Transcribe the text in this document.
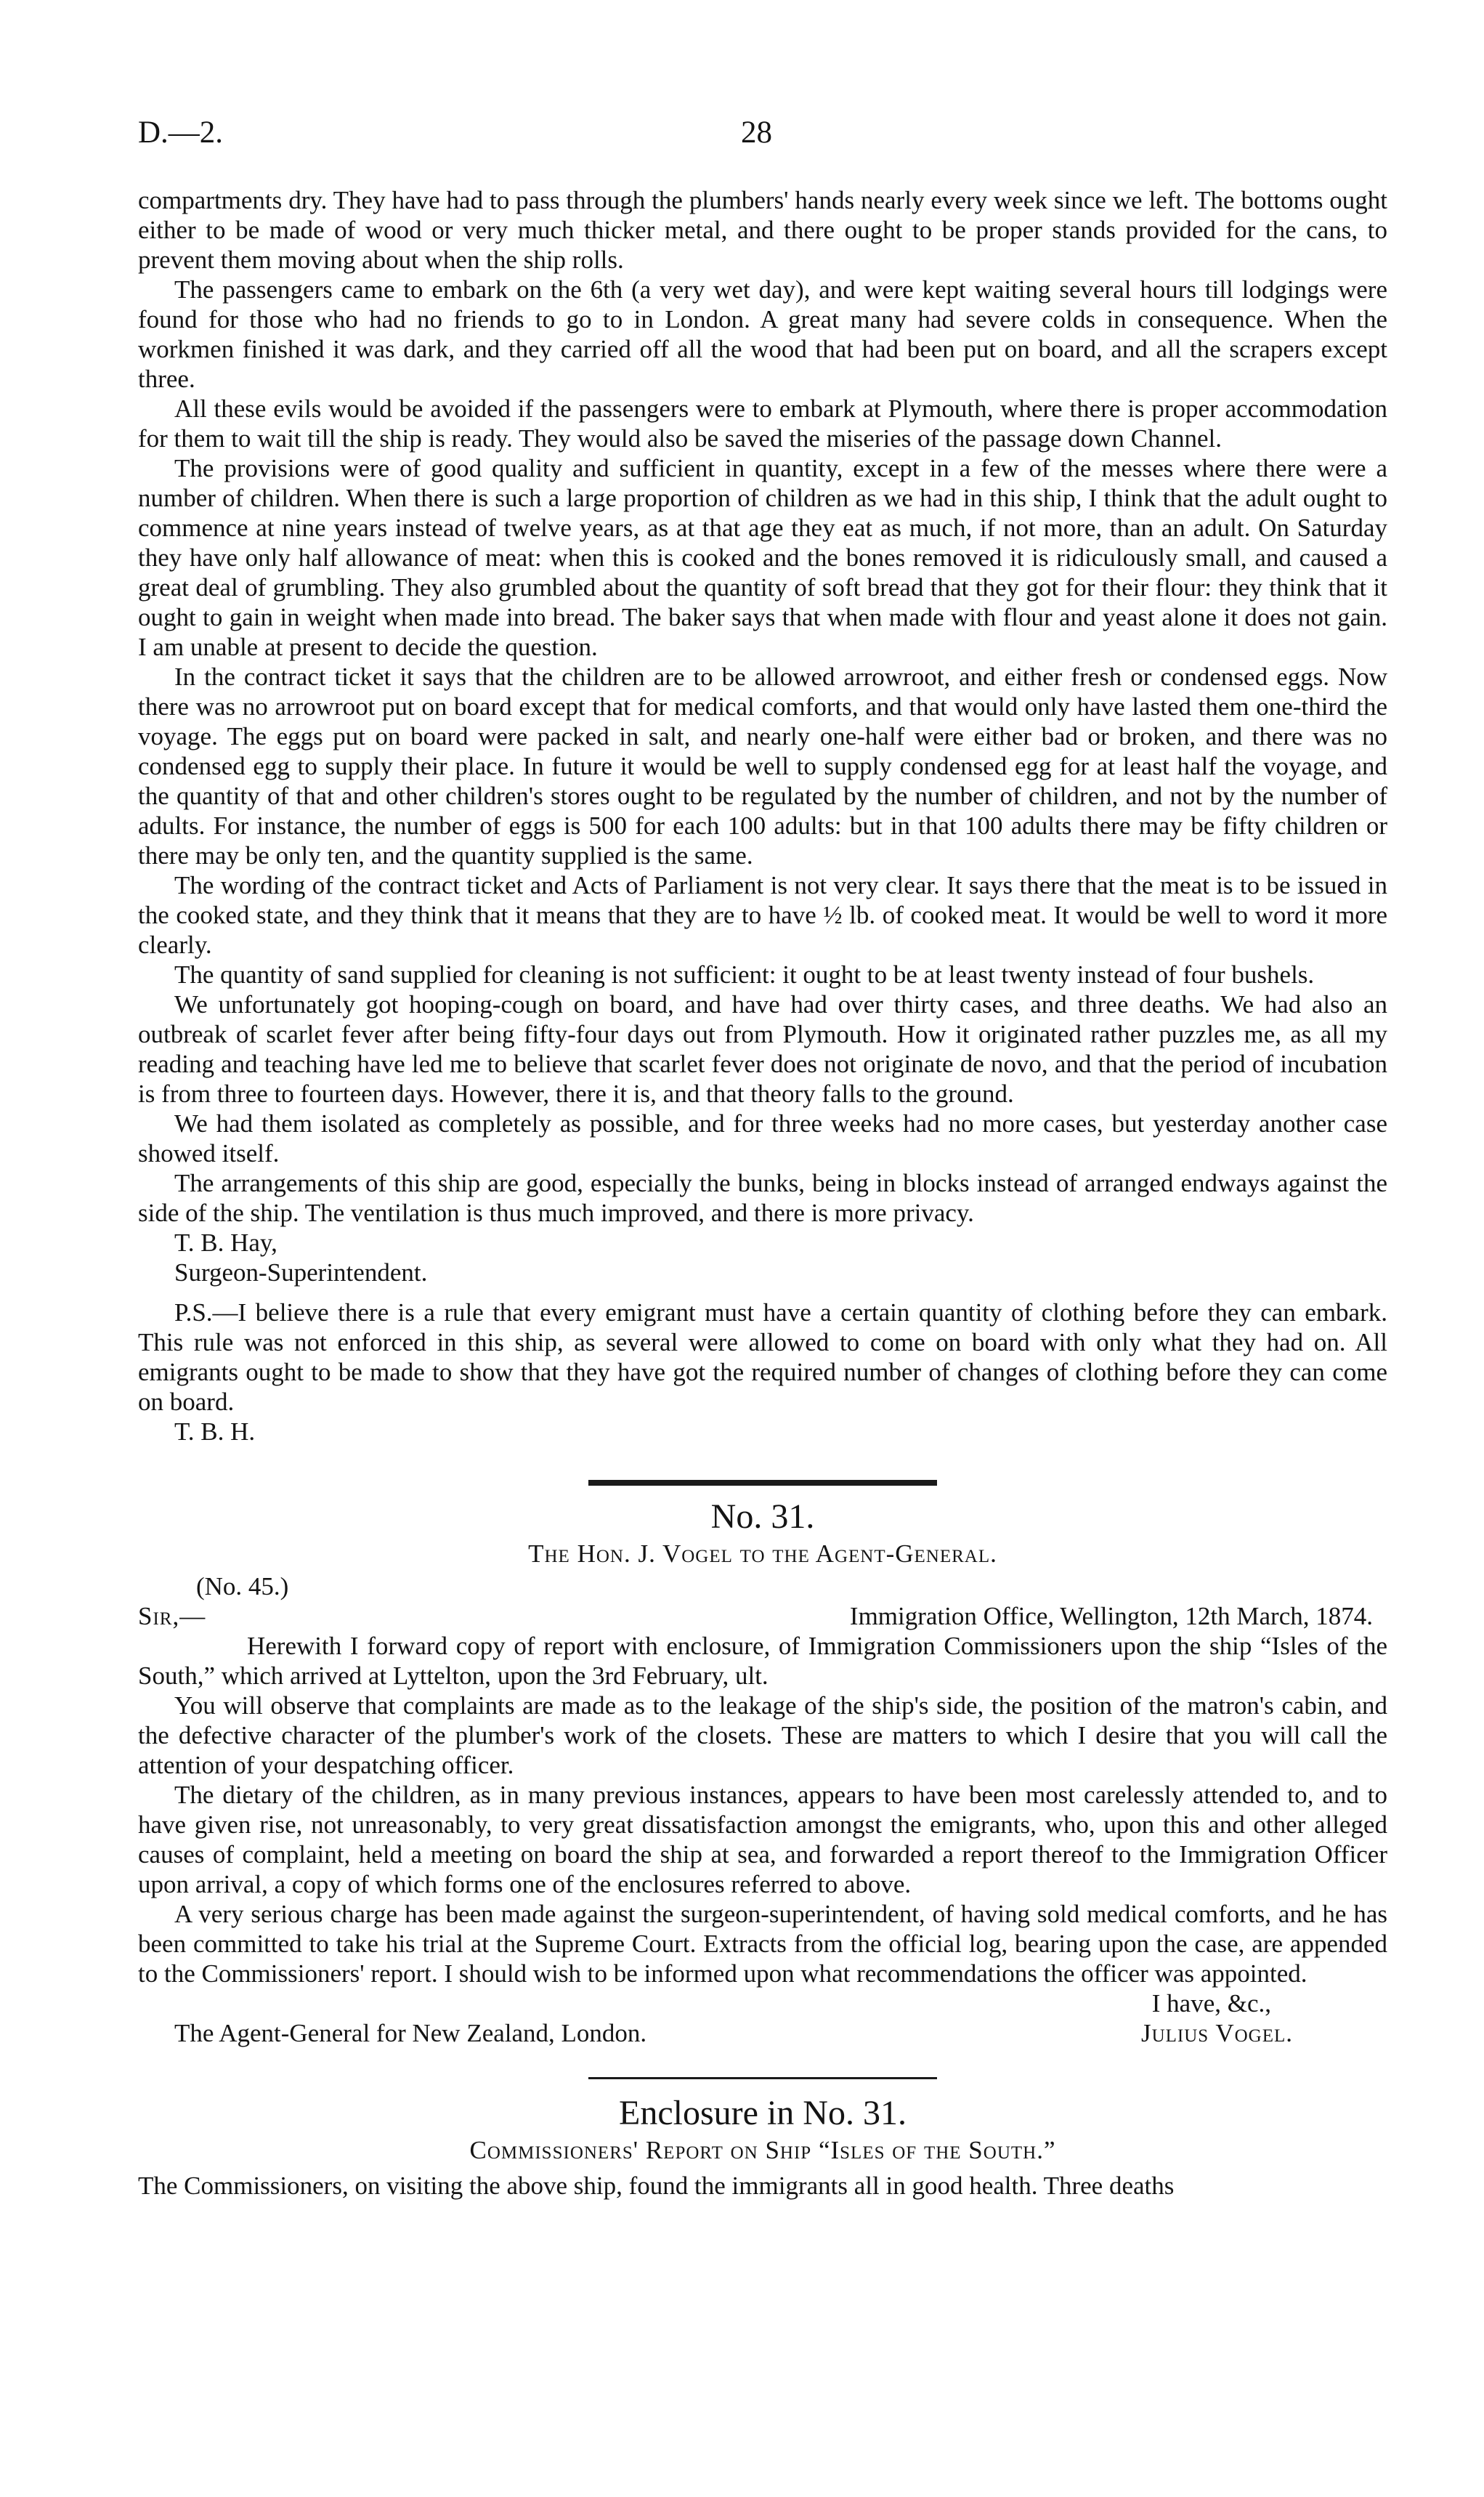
D.—2.	28

compartments dry. They have had to pass through the plumbers' hands nearly every week since we left. The bottoms ought either to be made of wood or very much thicker metal, and there ought to be proper stands provided for the cans, to prevent them moving about when the ship rolls.

The passengers came to embark on the 6th (a very wet day), and were kept waiting several hours till lodgings were found for those who had no friends to go to in London. A great many had severe colds in consequence. When the workmen finished it was dark, and they carried off all the wood that had been put on board, and all the scrapers except three.

All these evils would be avoided if the passengers were to embark at Plymouth, where there is proper accommodation for them to wait till the ship is ready. They would also be saved the miseries of the passage down Channel.

The provisions were of good quality and sufficient in quantity, except in a few of the messes where there were a number of children. When there is such a large proportion of children as we had in this ship, I think that the adult ought to commence at nine years instead of twelve years, as at that age they eat as much, if not more, than an adult. On Saturday they have only half allowance of meat: when this is cooked and the bones removed it is ridiculously small, and caused a great deal of grumbling. They also grumbled about the quantity of soft bread that they got for their flour: they think that it ought to gain in weight when made into bread. The baker says that when made with flour and yeast alone it does not gain. I am unable at present to decide the question.

In the contract ticket it says that the children are to be allowed arrowroot, and either fresh or condensed eggs. Now there was no arrowroot put on board except that for medical comforts, and that would only have lasted them one-third the voyage. The eggs put on board were packed in salt, and nearly one-half were either bad or broken, and there was no condensed egg to supply their place. In future it would be well to supply condensed egg for at least half the voyage, and the quantity of that and other children's stores ought to be regulated by the number of children, and not by the number of adults. For instance, the number of eggs is 500 for each 100 adults: but in that 100 adults there may be fifty children or there may be only ten, and the quantity supplied is the same.

The wording of the contract ticket and Acts of Parliament is not very clear. It says there that the meat is to be issued in the cooked state, and they think that it means that they are to have ½ lb. of cooked meat. It would be well to word it more clearly.

The quantity of sand supplied for cleaning is not sufficient: it ought to be at least twenty instead of four bushels.

We unfortunately got hooping-cough on board, and have had over thirty cases, and three deaths. We had also an outbreak of scarlet fever after being fifty-four days out from Plymouth. How it originated rather puzzles me, as all my reading and teaching have led me to believe that scarlet fever does not originate de novo, and that the period of incubation is from three to fourteen days. However, there it is, and that theory falls to the ground.

We had them isolated as completely as possible, and for three weeks had no more cases, but yesterday another case showed itself.

The arrangements of this ship are good, especially the bunks, being in blocks instead of arranged endways against the side of the ship. The ventilation is thus much improved, and there is more privacy.

T. B. Hay,

Surgeon-Superintendent.

P.S.—I believe there is a rule that every emigrant must have a certain quantity of clothing before they can embark. This rule was not enforced in this ship, as several were allowed to come on board with only what they had on. All emigrants ought to be made to show that they have got the required number of changes of clothing before they can come on board.

T. B. H.

No. 31.
The Hon. J. Vogel to the Agent-General.
(No. 45.)
Sir,—	Immigration Office, Wellington, 12th March, 1874.

Herewith I forward copy of report with enclosure, of Immigration Commissioners upon the ship “Isles of the South,” which arrived at Lyttelton, upon the 3rd February, ult.

You will observe that complaints are made as to the leakage of the ship's side, the position of the matron's cabin, and the defective character of the plumber's work of the closets. These are matters to which I desire that you will call the attention of your despatching officer.

The dietary of the children, as in many previous instances, appears to have been most carelessly attended to, and to have given rise, not unreasonably, to very great dissatisfaction amongst the emigrants, who, upon this and other alleged causes of complaint, held a meeting on board the ship at sea, and forwarded a report thereof to the Immigration Officer upon arrival, a copy of which forms one of the enclosures referred to above.

A very serious charge has been made against the surgeon-superintendent, of having sold medical comforts, and he has been committed to take his trial at the Supreme Court. Extracts from the official log, bearing upon the case, are appended to the Commissioners' report. I should wish to be informed upon what recommendations the officer was appointed.

I have, &c.,
The Agent-General for New Zealand, London.	Julius Vogel.
Enclosure in No. 31.
Commissioners' Report on Ship “Isles of the South.”

The Commissioners, on visiting the above ship, found the immigrants all in good health. Three deaths
